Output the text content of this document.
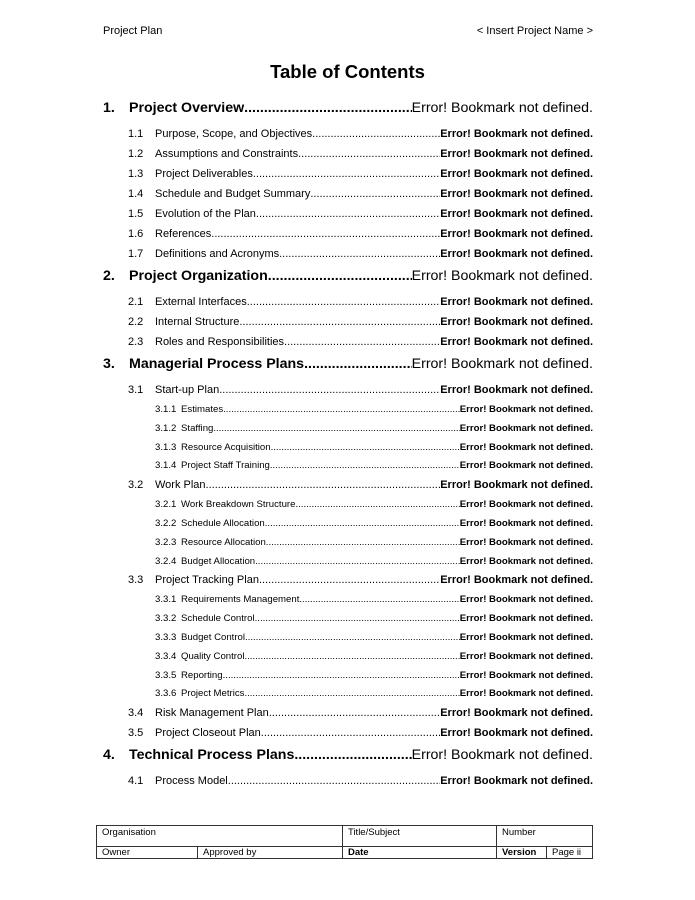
Project Plan	< Insert Project Name >
Table of Contents
1. Project Overview .....	Error! Bookmark not defined.
1.1	Purpose, Scope, and Objectives .....	Error! Bookmark not defined.
1.2	Assumptions and Constraints .....	Error! Bookmark not defined.
1.3	Project Deliverables .....	Error! Bookmark not defined.
1.4	Schedule and Budget Summary .....	Error! Bookmark not defined.
1.5	Evolution of the Plan .....	Error! Bookmark not defined.
1.6	References .....	Error! Bookmark not defined.
1.7	Definitions and Acronyms .....	Error! Bookmark not defined.
2. Project Organization .....	Error! Bookmark not defined.
2.1	External Interfaces .....	Error! Bookmark not defined.
2.2	Internal Structure .....	Error! Bookmark not defined.
2.3	Roles and Responsibilities .....	Error! Bookmark not defined.
3. Managerial Process Plans .....	Error! Bookmark not defined.
3.1	Start-up Plan .....	Error! Bookmark not defined.
3.1.1 Estimates .....	Error! Bookmark not defined.
3.1.2 Staffing .....	Error! Bookmark not defined.
3.1.3 Resource Acquisition .....	Error! Bookmark not defined.
3.1.4 Project Staff Training .....	Error! Bookmark not defined.
3.2	Work Plan .....	Error! Bookmark not defined.
3.2.1 Work Breakdown Structure .....	Error! Bookmark not defined.
3.2.2 Schedule Allocation .....	Error! Bookmark not defined.
3.2.3 Resource Allocation .....	Error! Bookmark not defined.
3.2.4 Budget Allocation .....	Error! Bookmark not defined.
3.3	Project Tracking Plan .....	Error! Bookmark not defined.
3.3.1 Requirements Management .....	Error! Bookmark not defined.
3.3.2 Schedule Control .....	Error! Bookmark not defined.
3.3.3 Budget Control .....	Error! Bookmark not defined.
3.3.4 Quality Control .....	Error! Bookmark not defined.
3.3.5 Reporting .....	Error! Bookmark not defined.
3.3.6 Project Metrics .....	Error! Bookmark not defined.
3.4	Risk Management Plan .....	Error! Bookmark not defined.
3.5	Project Closeout Plan .....	Error! Bookmark not defined.
4. Technical Process Plans .....	Error! Bookmark not defined.
4.1	Process Model .....	Error! Bookmark not defined.
Organisation		Title/Subject	Number	
Owner	Approved by	Date	Version	Page ii
